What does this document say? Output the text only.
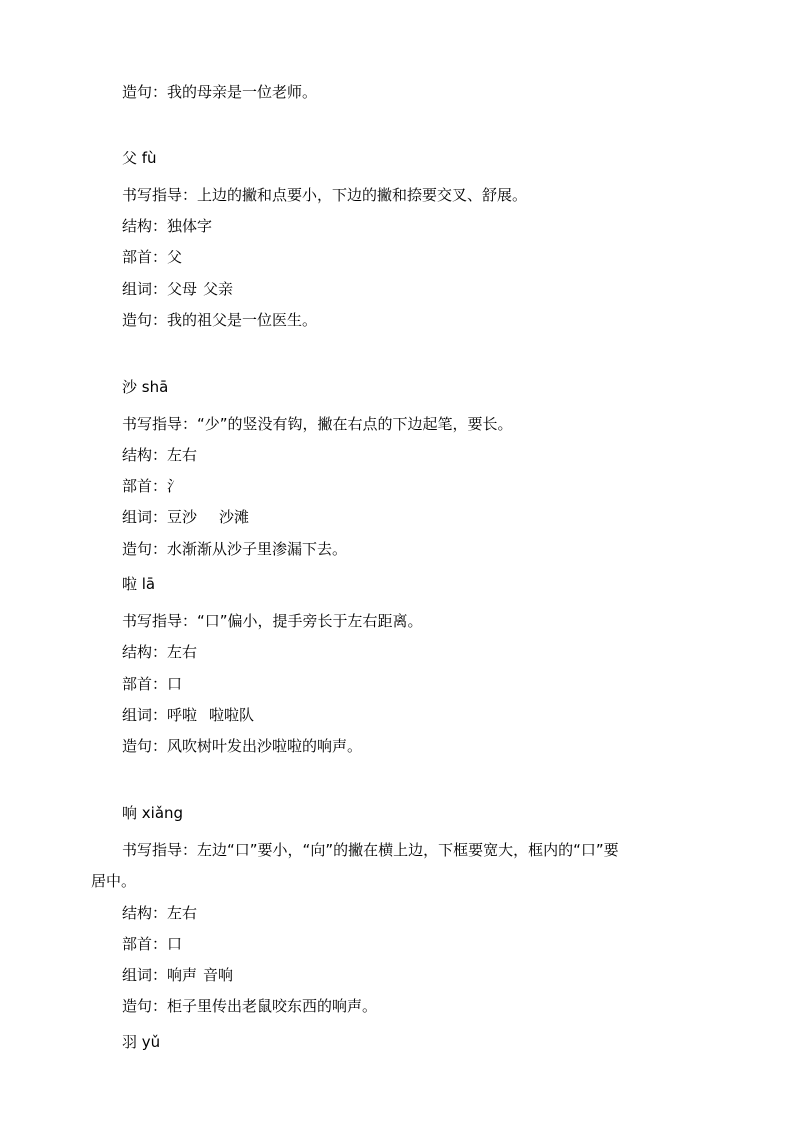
造句：我的母亲是一位老师。
父 fù
书写指导：上边的撇和点要小，下边的撇和捺要交叉、舒展。
结构：独体字
部首：父
组词：父母 父亲
造句：我的祖父是一位医生。
沙 shā
书写指导：“少”的竖没有钩，撇在右点的下边起笔，要长。
结构：左右
部首：氵
组词：豆沙 沙滩
造句：水渐渐从沙子里渗漏下去。
啦 lā
书写指导：“口”偏小，提手旁长于左右距离。
结构：左右
部首：口
组词：呼啦 啦啦队
造句：风吹树叶发出沙啦啦的响声。
响 xiǎng
书写指导：左边“口”要小，“向”的撇在横上边，下框要宽大，框内的“口”要
居中。
结构：左右
部首：口
组词：响声 音响
造句：柜子里传出老鼠咬东西的响声。
羽 yǔ
